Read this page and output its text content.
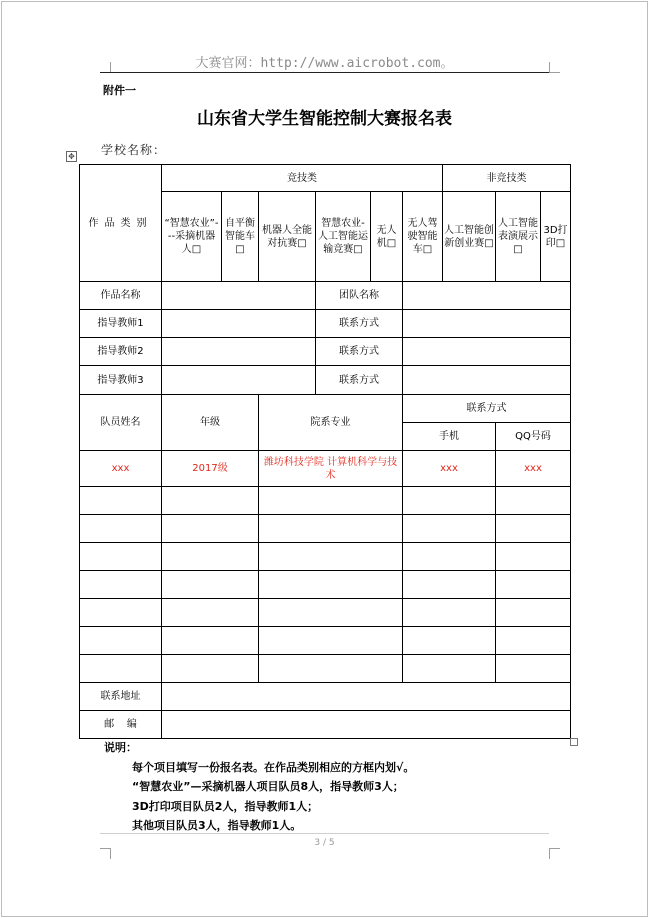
大赛官网：http://www.aicrobot.com。
附件一
山东省大学生智能控制大赛报名表
学校名称：
✥
作品类别	竞技类						非竞技类		
	“智慧农业”---采摘机器人□	自平衡智能车□	机器人全能对抗赛□	智慧农业-人工智能运输竞赛□	无人机□	无人驾驶智能车□	人工智能创新创业赛□	人工智能表演展示□	3D打印□
作品名称				团队名称					
指导教师1				联系方式					
指导教师2				联系方式					
指导教师3				联系方式					
队员姓名	年级		院系专业			联系方式			
						手机		QQ号码	
xxx	2017级		潍坊科技学院 计算机科学与技术			xxx		xxx	

联系地址									
邮    编									
说明：
每个项目填写一份报名表。在作品类别相应的方框内划√。
“智慧农业”—采摘机器人项目队员8人，指导教师3人；
3D打印项目队员2人，指导教师1人；
其他项目队员3人，指导教师1人。
3 / 5
